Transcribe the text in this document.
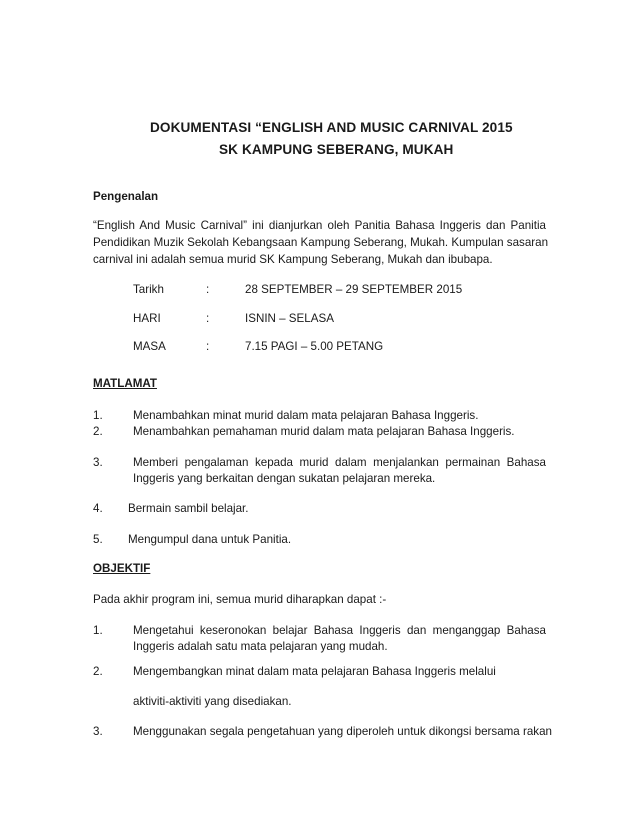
DOKUMENTASI “ENGLISH AND MUSIC CARNIVAL 2015
SK KAMPUNG SEBERANG, MUKAH
Pengenalan
“English And Music Carnival” ini dianjurkan oleh Panitia Bahasa Inggeris dan Panitia
Pendidikan Muzik Sekolah Kebangsaan Kampung Seberang, Mukah. Kumpulan sasaran
carnival ini adalah semua murid SK Kampung Seberang, Mukah dan ibubapa.
Tarikh	:	28 SEPTEMBER – 29 SEPTEMBER 2015
HARI	:	ISNIN – SELASA
MASA	:	7.15 PAGI – 5.00 PETANG
MATLAMAT
1.	Menambahkan minat murid dalam mata pelajaran Bahasa Inggeris.
2.	Menambahkan pemahaman murid dalam mata pelajaran Bahasa Inggeris.
3.	Memberi pengalaman kepada murid dalam menjalankan permainan Bahasa
Inggeris yang berkaitan dengan sukatan pelajaran mereka.
4. Bermain sambil belajar.
5. Mengumpul dana untuk Panitia.
OBJEKTIF
Pada akhir program ini, semua murid diharapkan dapat :-
1.	Mengetahui keseronokan belajar Bahasa Inggeris dan menganggap Bahasa
Inggeris adalah satu mata pelajaran yang mudah.
2.	Mengembangkan minat dalam mata pelajaran Bahasa Inggeris melalui
aktiviti-aktiviti yang disediakan.
3.	Menggunakan segala pengetahuan yang diperoleh untuk dikongsi bersama rakan
